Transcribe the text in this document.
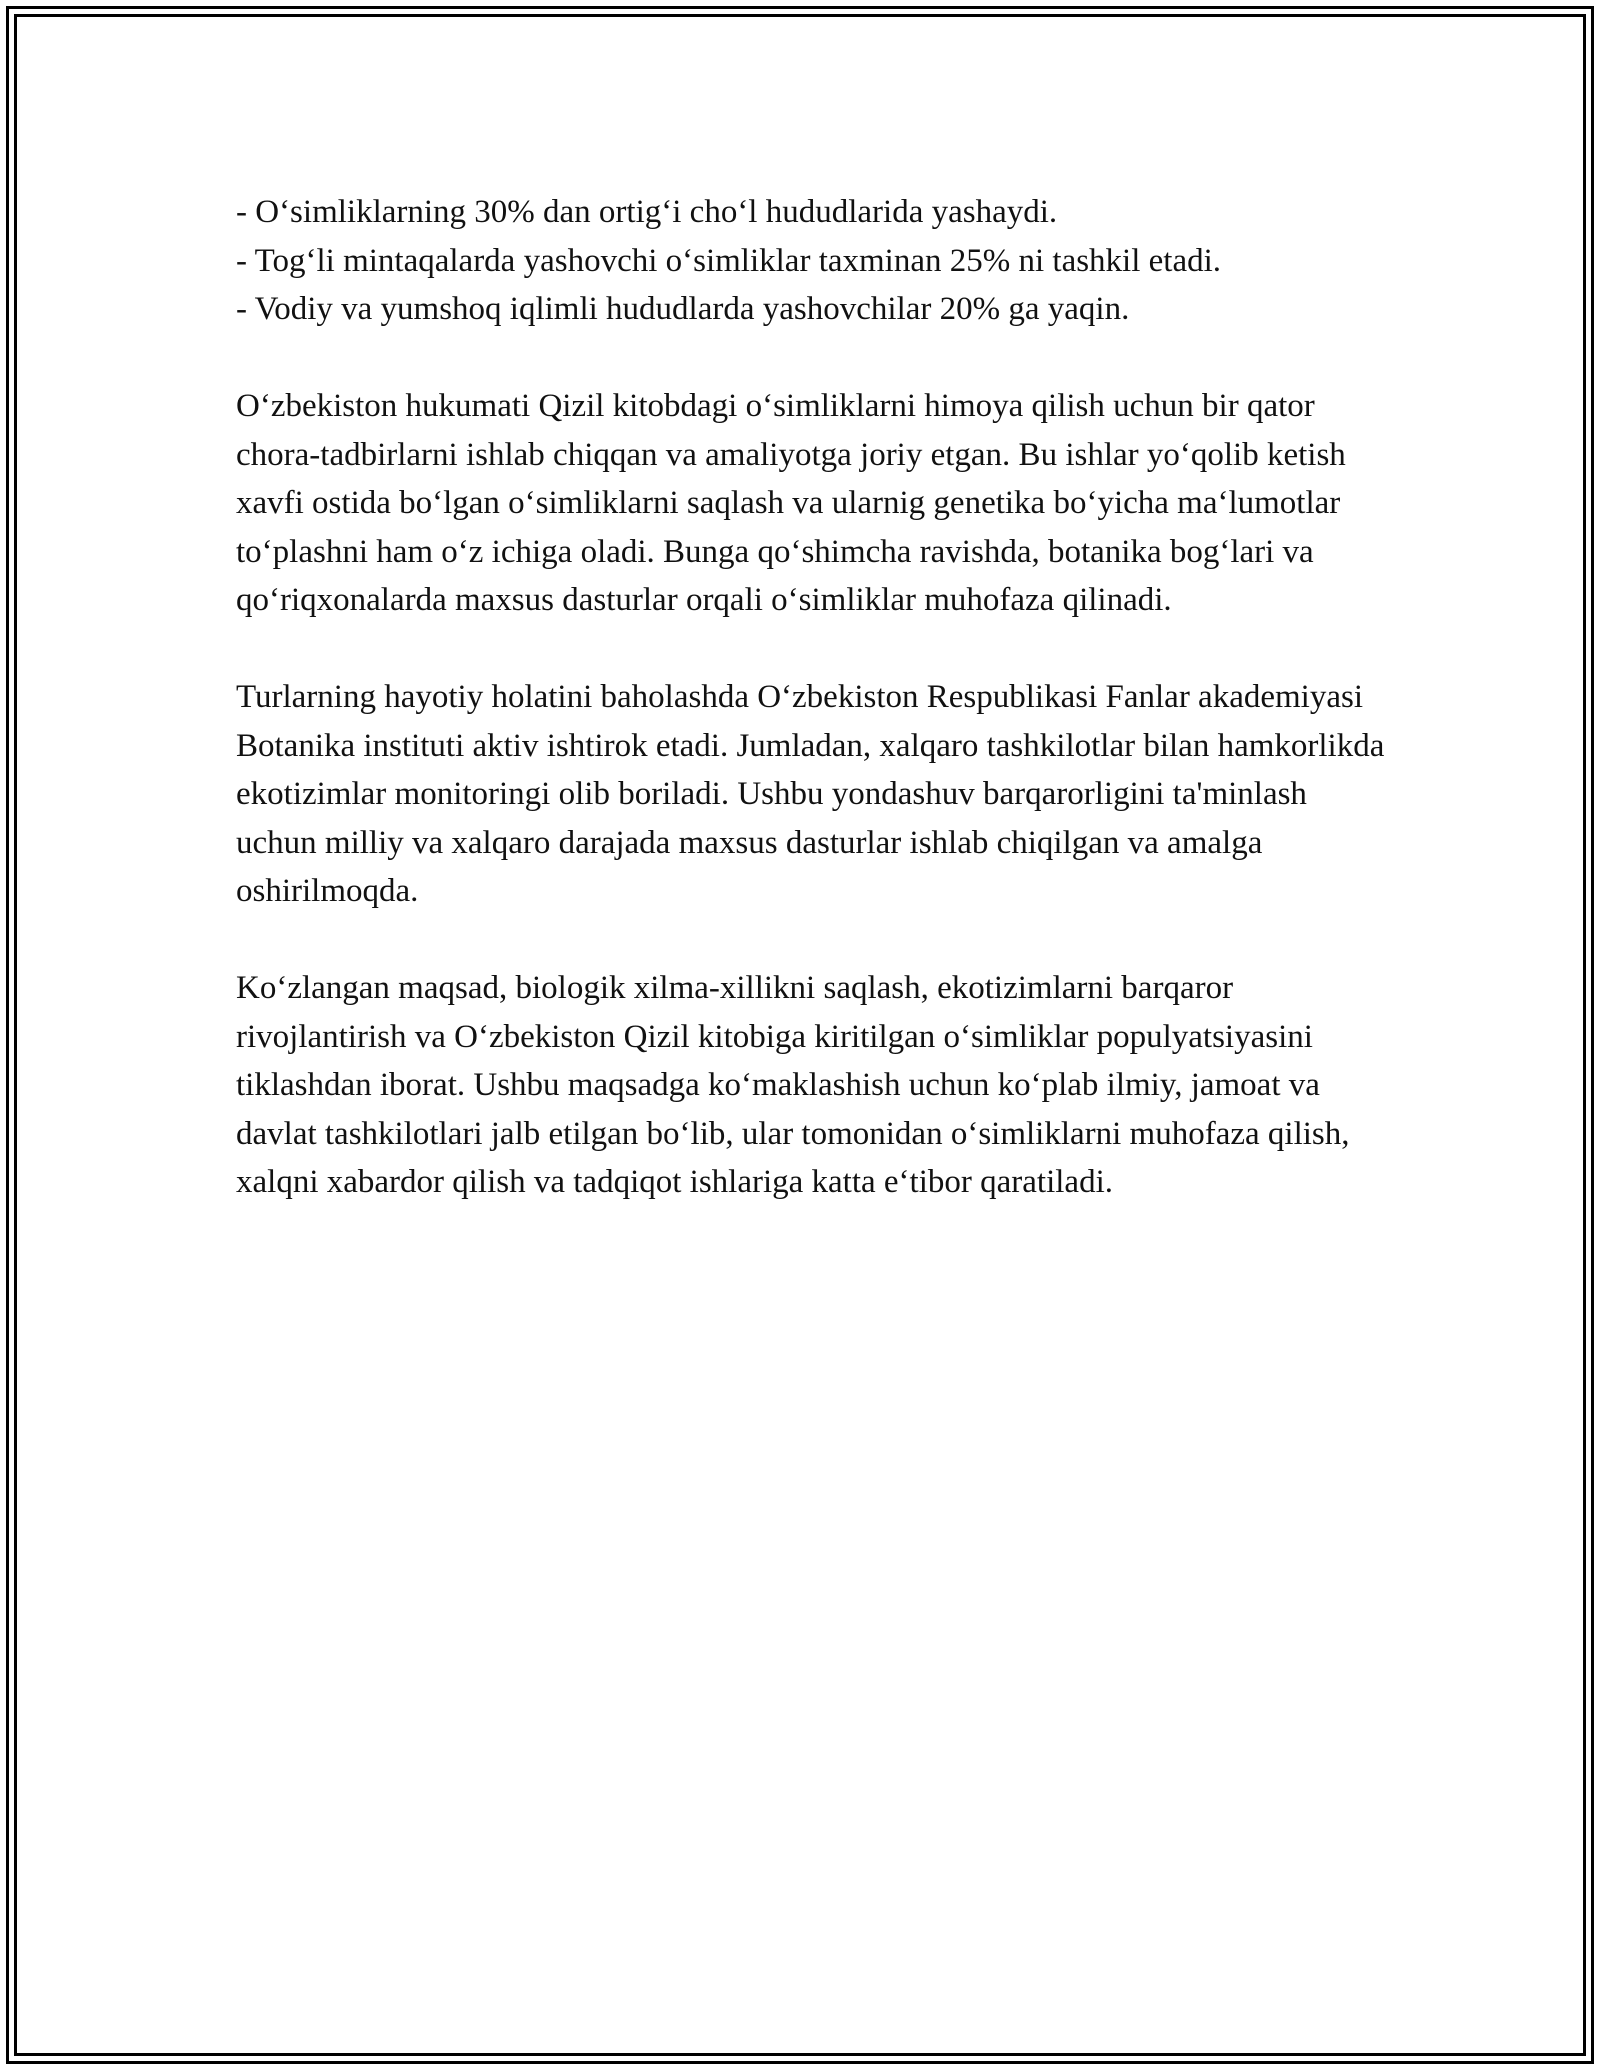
- O‘simliklarning 30% dan ortig‘i cho‘l hududlarida yashaydi.
- Tog‘li mintaqalarda yashovchi o‘simliklar taxminan 25% ni tashkil etadi.
- Vodiy va yumshoq iqlimli hududlarda yashovchilar 20% ga yaqin.

O‘zbekiston hukumati Qizil kitobdagi o‘simliklarni himoya qilish uchun bir qator chora-tadbirlarni ishlab chiqqan va amaliyotga joriy etgan. Bu ishlar yo‘qolib ketish xavfi ostida bo‘lgan o‘simliklarni saqlash va ularnig genetika bo‘yicha ma‘lumotlar to‘plashni ham o‘z ichiga oladi. Bunga qo‘shimcha ravishda, botanika bog‘lari va qo‘riqxonalarda maxsus dasturlar orqali o‘simliklar muhofaza qilinadi.

Turlarning hayotiy holatini baholashda O‘zbekiston Respublikasi Fanlar akademiyasi Botanika instituti aktiv ishtirok etadi. Jumladan, xalqaro tashkilotlar bilan hamkorlikda ekotizimlar monitoringi olib boriladi. Ushbu yondashuv barqarorligini ta'minlash uchun milliy va xalqaro darajada maxsus dasturlar ishlab chiqilgan va amalga oshirilmoqda.

Ko‘zlangan maqsad, biologik xilma-xillikni saqlash, ekotizimlarni barqaror rivojlantirish va O‘zbekiston Qizil kitobiga kiritilgan o‘simliklar populyatsiyasini tiklashdan iborat. Ushbu maqsadga ko‘maklashish uchun ko‘plab ilmiy, jamoat va davlat tashkilotlari jalb etilgan bo‘lib, ular tomonidan o‘simliklarni muhofaza qilish, xalqni xabardor qilish va tadqiqot ishlariga katta e‘tibor qaratiladi.
